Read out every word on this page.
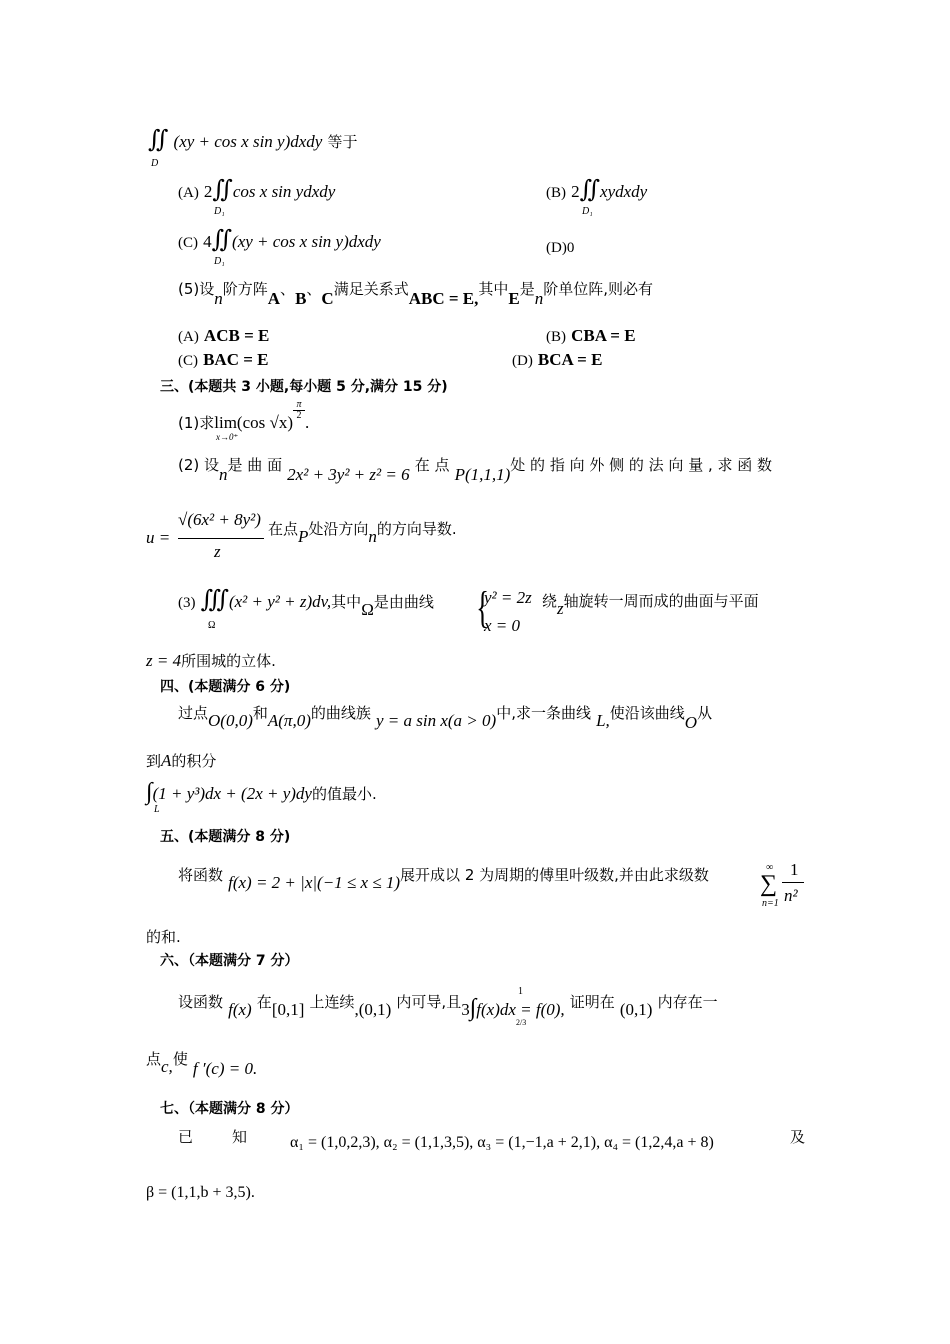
∬
D
(xy + cos x sin y)dxdy 等于
(A) 2∬cos x sin ydxdy
D₁
(B) 2∬xydxdy
D₁
(C) 4∬(xy + cos x sin y)dxdy
D₁
(D)0
(5)设n阶方阵A、B、C满足关系式ABC = E,其中E是n阶单位阵,则必有
(A) ACB = E	(B) CBA = E
(C) BAC = E	(D) BCA = E
三、(本题共 3 小题,每小题 5 分,满分 15 分)
(1)求lim(cos √x)
$\frac{\pi}{2}$
.
x→0⁺
(2) 设n是 曲 面 2x² + 3y² + z² = 6 在 点 P(1,1,1)处 的 指 向 外 侧 的 法 向 量 , 求 函 数
u =
√(6x² + 8y²)
z
在点P处沿方向n的方向导数.
(3) ∭(x² + y² + z)dv,其中Ω是由曲线
Ω	{
y² = 2z
x = 0
绕z轴旋转一周而成的曲面与平面
z = 4所围城的立体.
四、(本题满分 6 分)
过点O(0,0)和A(π,0)的曲线族 y = a sin x(a > 0)中,求一条曲线 L,使沿该曲线O从
到A的积分
∫(1 + y³)dx + (2x + y)dy的值最小.
L
五、(本题满分 8 分)
将函数 f(x) = 2 + |x|(−1 ≤ x ≤ 1)展开成以 2 为周期的傅里叶级数,并由此求级数	∞
∑
n=1
1
n²
的和.
六、（本题满分 7 分）
设函数 f(x) 在[0,1] 上连续,(0,1) 内可导,且3∫f(x)dx = f(0), 证明在 (0,1) 内存在一
1
2/3
点c,使 f ′(c) = 0.
七、（本题满分 8 分）
已	知	α₁ = (1,0,2,3), α₂ = (1,1,3,5), α₃ = (1,−1,a + 2,1), α₄ = (1,2,4,a + 8)	及
β = (1,1,b + 3,5).
